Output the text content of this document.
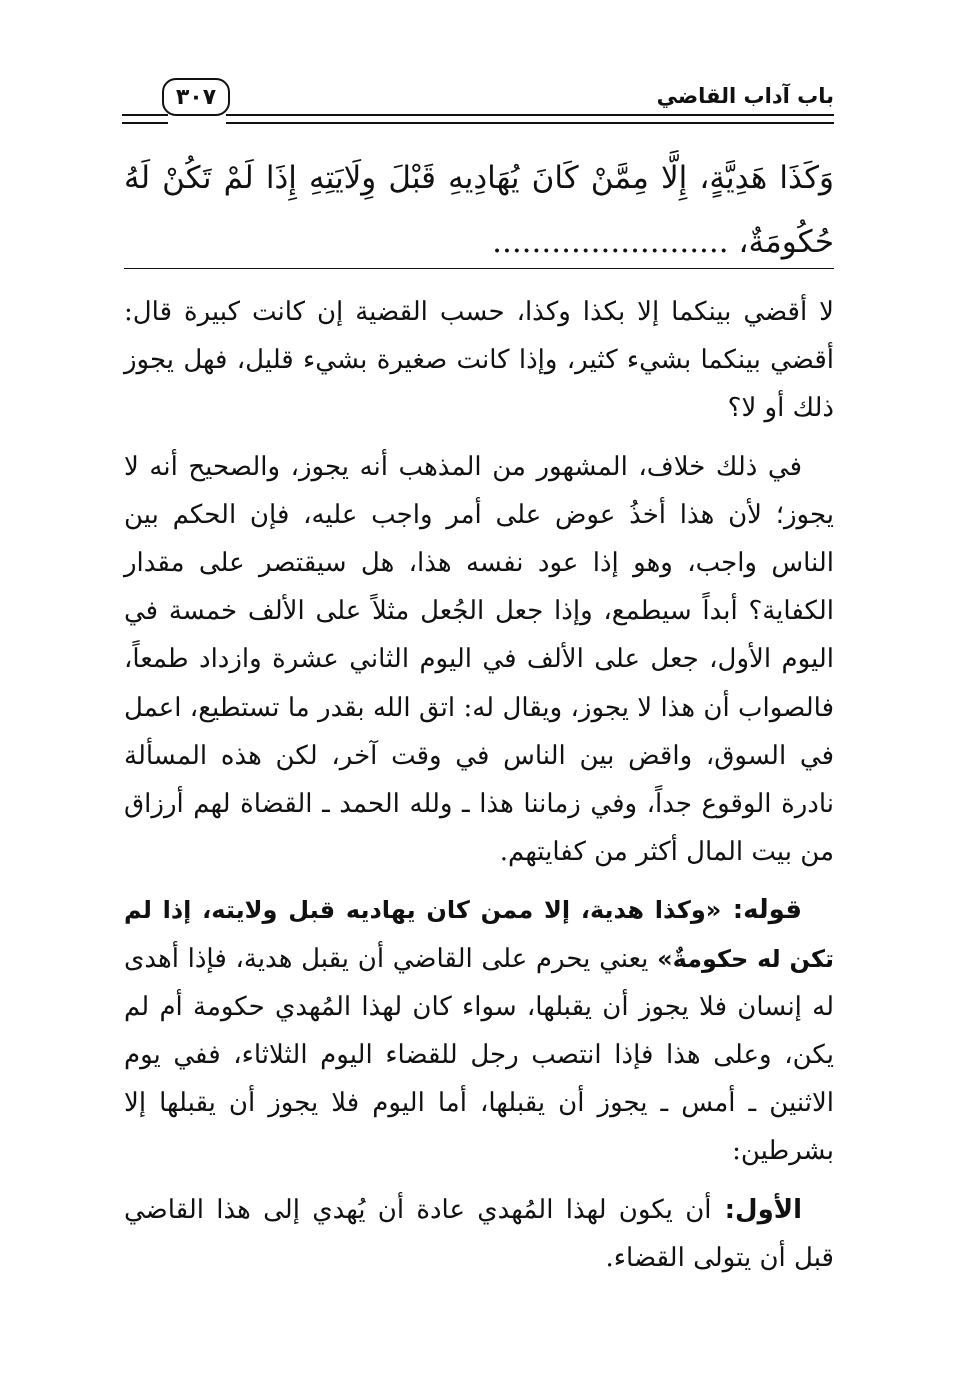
باب آداب القاضي
٣٠٧
وَكَذَا هَدِيَّةٍ، إِلَّا مِمَّنْ كَانَ يُهَادِيهِ قَبْلَ وِلَايَتِهِ إِذَا لَمْ تَكُنْ لَهُ حُكُومَةٌ، ........................

لا أقضي بينكما إلا بكذا وكذا، حسب القضية إن كانت كبيرة قال: أقضي بينكما بشيء كثير، وإذا كانت صغيرة بشيء قليل، فهل يجوز ذلك أو لا؟

في ذلك خلاف، المشهور من المذهب أنه يجوز، والصحيح أنه لا يجوز؛ لأن هذا أخذُ عوض على أمر واجب عليه، فإن الحكم بين الناس واجب، وهو إذا عود نفسه هذا، هل سيقتصر على مقدار الكفاية؟ أبداً سيطمع، وإذا جعل الجُعل مثلاً على الألف خمسة في اليوم الأول، جعل على الألف في اليوم الثاني عشرة وازداد طمعاً، فالصواب أن هذا لا يجوز، ويقال له: اتق الله بقدر ما تستطيع، اعمل في السوق، واقض بين الناس في وقت آخر، لكن هذه المسألة نادرة الوقوع جداً، وفي زماننا هذا ـ ولله الحمد ـ القضاة لهم أرزاق من بيت المال أكثر من كفايتهم.

قوله: «وكذا هدية، إلا ممن كان يهاديه قبل ولايته، إذا لم تكن له حكومةٌ» يعني يحرم على القاضي أن يقبل هدية، فإذا أهدى له إنسان فلا يجوز أن يقبلها، سواء كان لهذا المُهدي حكومة أم لم يكن، وعلى هذا فإذا انتصب رجل للقضاء اليوم الثلاثاء، ففي يوم الاثنين ـ أمس ـ يجوز أن يقبلها، أما اليوم فلا يجوز أن يقبلها إلا بشرطين:

الأول: أن يكون لهذا المُهدي عادة أن يُهدي إلى هذا القاضي قبل أن يتولى القضاء.
